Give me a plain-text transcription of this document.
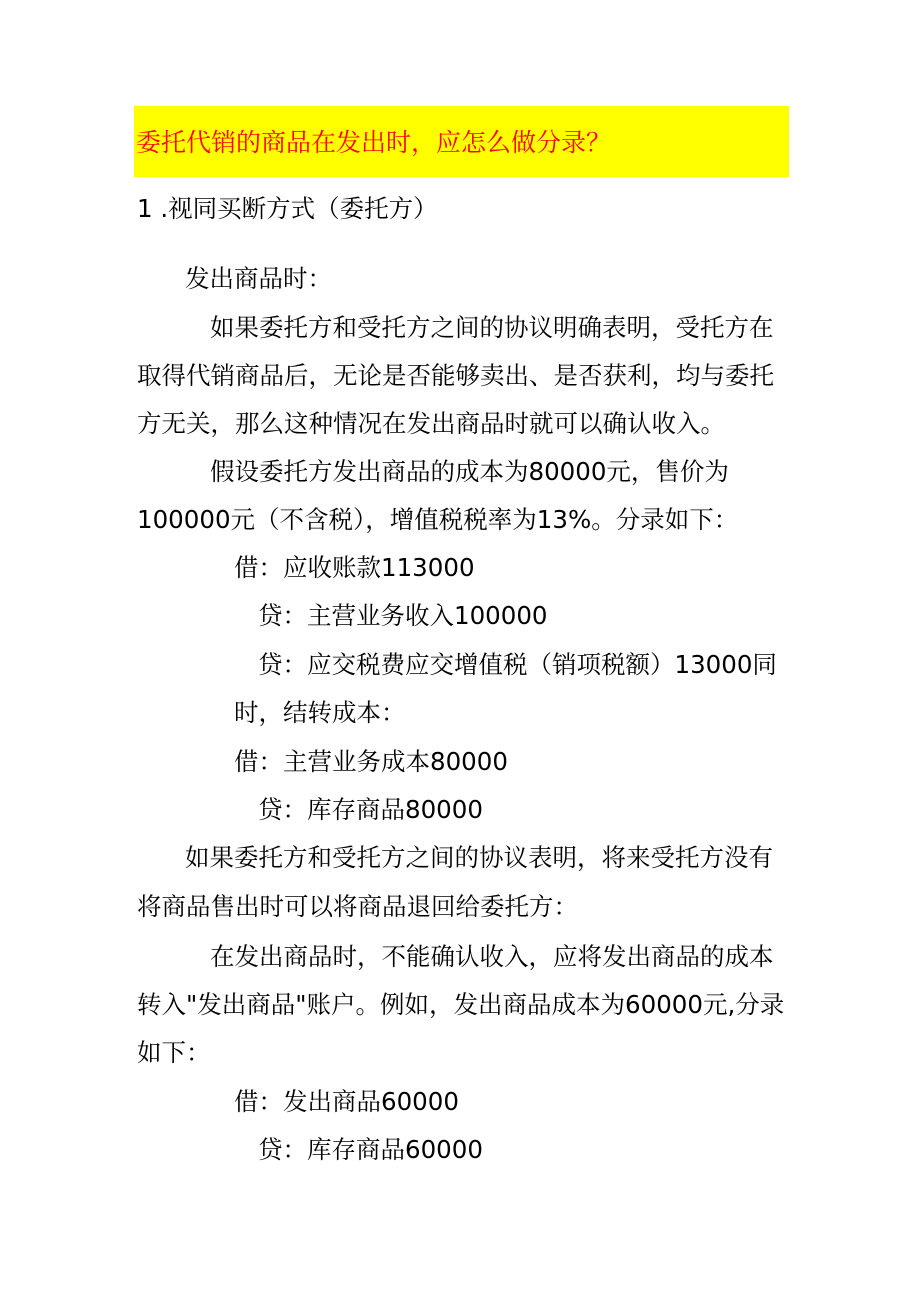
委托代销的商品在发出时，应怎么做分录？
1 .视同买断方式（委托方）
发出商品时：
如果委托方和受托方之间的协议明确表明，受托方在
取得代销商品后，无论是否能够卖出、是否获利，均与委托
方无关，那么这种情况在发出商品时就可以确认收入。
假设委托方发出商品的成本为80000元，售价为
100000元（不含税），增值税税率为13%。分录如下：
借：应收账款113000
贷：主营业务收入100000
贷：应交税费应交增值税（销项税额）13000同
时，结转成本：
借：主营业务成本80000
贷：库存商品80000
如果委托方和受托方之间的协议表明，将来受托方没有
将商品售出时可以将商品退回给委托方：
在发出商品时，不能确认收入，应将发出商品的成本
转入"发出商品"账户。例如，发出商品成本为60000元,分录
如下：
借：发出商品60000
贷：库存商品60000
